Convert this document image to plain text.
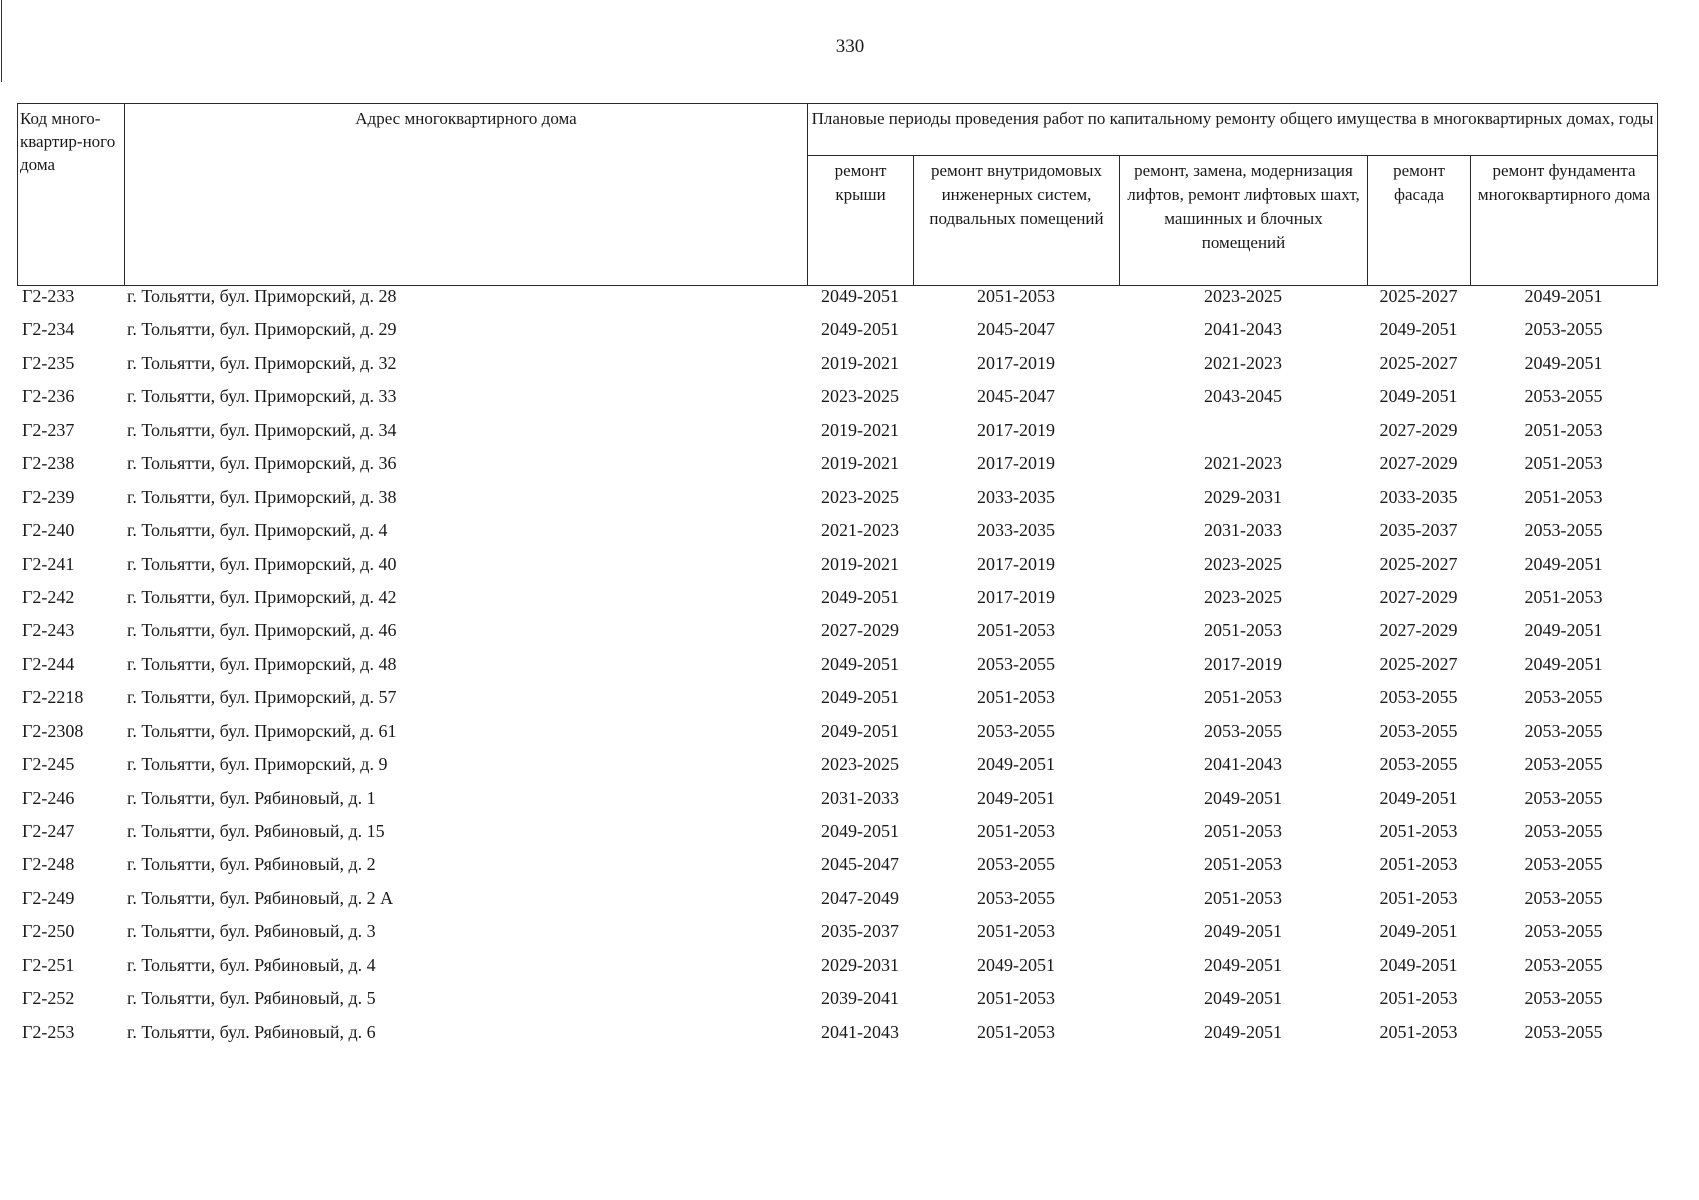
330
Код много-квартир-ного дома	Адрес многоквартирного дома	Плановые периоды проведения работ по капитальному ремонту общего имущества в многоквартирных домах, годы				
		ремонт крыши	ремонт внутридомовых инженерных систем, подвальных помещений	ремонт, замена, модернизация лифтов, ремонт лифтовых шахт, машинных и блочных помещений	ремонт фасада	ремонт фундамента многоквартирного дома
Г2-233	г. Тольятти, бул. Приморский, д. 28	2049-2051	2051-2053	2023-2025	2025-2027	2049-2051
Г2-234	г. Тольятти, бул. Приморский, д. 29	2049-2051	2045-2047	2041-2043	2049-2051	2053-2055
Г2-235	г. Тольятти, бул. Приморский, д. 32	2019-2021	2017-2019	2021-2023	2025-2027	2049-2051
Г2-236	г. Тольятти, бул. Приморский, д. 33	2023-2025	2045-2047	2043-2045	2049-2051	2053-2055
Г2-237	г. Тольятти, бул. Приморский, д. 34	2019-2021	2017-2019		2027-2029	2051-2053
Г2-238	г. Тольятти, бул. Приморский, д. 36	2019-2021	2017-2019	2021-2023	2027-2029	2051-2053
Г2-239	г. Тольятти, бул. Приморский, д. 38	2023-2025	2033-2035	2029-2031	2033-2035	2051-2053
Г2-240	г. Тольятти, бул. Приморский, д. 4	2021-2023	2033-2035	2031-2033	2035-2037	2053-2055
Г2-241	г. Тольятти, бул. Приморский, д. 40	2019-2021	2017-2019	2023-2025	2025-2027	2049-2051
Г2-242	г. Тольятти, бул. Приморский, д. 42	2049-2051	2017-2019	2023-2025	2027-2029	2051-2053
Г2-243	г. Тольятти, бул. Приморский, д. 46	2027-2029	2051-2053	2051-2053	2027-2029	2049-2051
Г2-244	г. Тольятти, бул. Приморский, д. 48	2049-2051	2053-2055	2017-2019	2025-2027	2049-2051
Г2-2218	г. Тольятти, бул. Приморский, д. 57	2049-2051	2051-2053	2051-2053	2053-2055	2053-2055
Г2-2308	г. Тольятти, бул. Приморский, д. 61	2049-2051	2053-2055	2053-2055	2053-2055	2053-2055
Г2-245	г. Тольятти, бул. Приморский, д. 9	2023-2025	2049-2051	2041-2043	2053-2055	2053-2055
Г2-246	г. Тольятти, бул. Рябиновый, д. 1	2031-2033	2049-2051	2049-2051	2049-2051	2053-2055
Г2-247	г. Тольятти, бул. Рябиновый, д. 15	2049-2051	2051-2053	2051-2053	2051-2053	2053-2055
Г2-248	г. Тольятти, бул. Рябиновый, д. 2	2045-2047	2053-2055	2051-2053	2051-2053	2053-2055
Г2-249	г. Тольятти, бул. Рябиновый, д. 2 А	2047-2049	2053-2055	2051-2053	2051-2053	2053-2055
Г2-250	г. Тольятти, бул. Рябиновый, д. 3	2035-2037	2051-2053	2049-2051	2049-2051	2053-2055
Г2-251	г. Тольятти, бул. Рябиновый, д. 4	2029-2031	2049-2051	2049-2051	2049-2051	2053-2055
Г2-252	г. Тольятти, бул. Рябиновый, д. 5	2039-2041	2051-2053	2049-2051	2051-2053	2053-2055
Г2-253	г. Тольятти, бул. Рябиновый, д. 6	2041-2043	2051-2053	2049-2051	2051-2053	2053-2055
